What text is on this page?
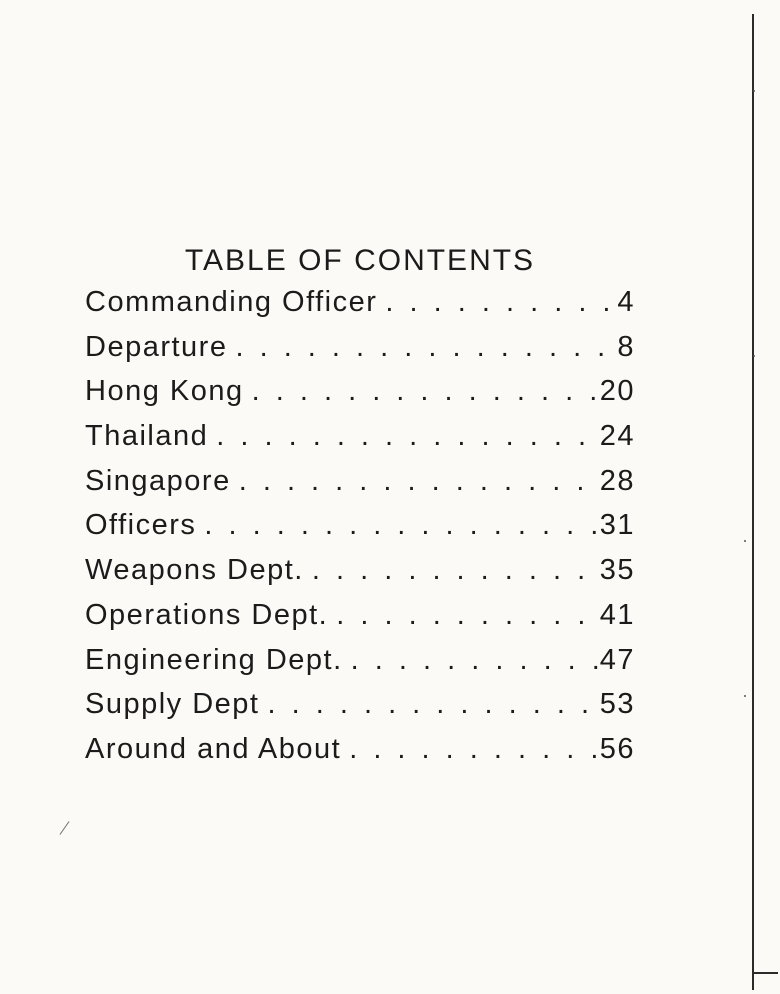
TABLE OF CONTENTS
Commanding Officer . . .	4
Departure . . .	8
Hong Kong . . .	20
Thailand . . .	24
Singapore . . .	28
Officers . . .	31
Weapons Dept. . . .	35
Operations Dept. . . .	41
Engineering Dept. . . .	47
Supply Dept . . .	53
Around and About . . .	56
